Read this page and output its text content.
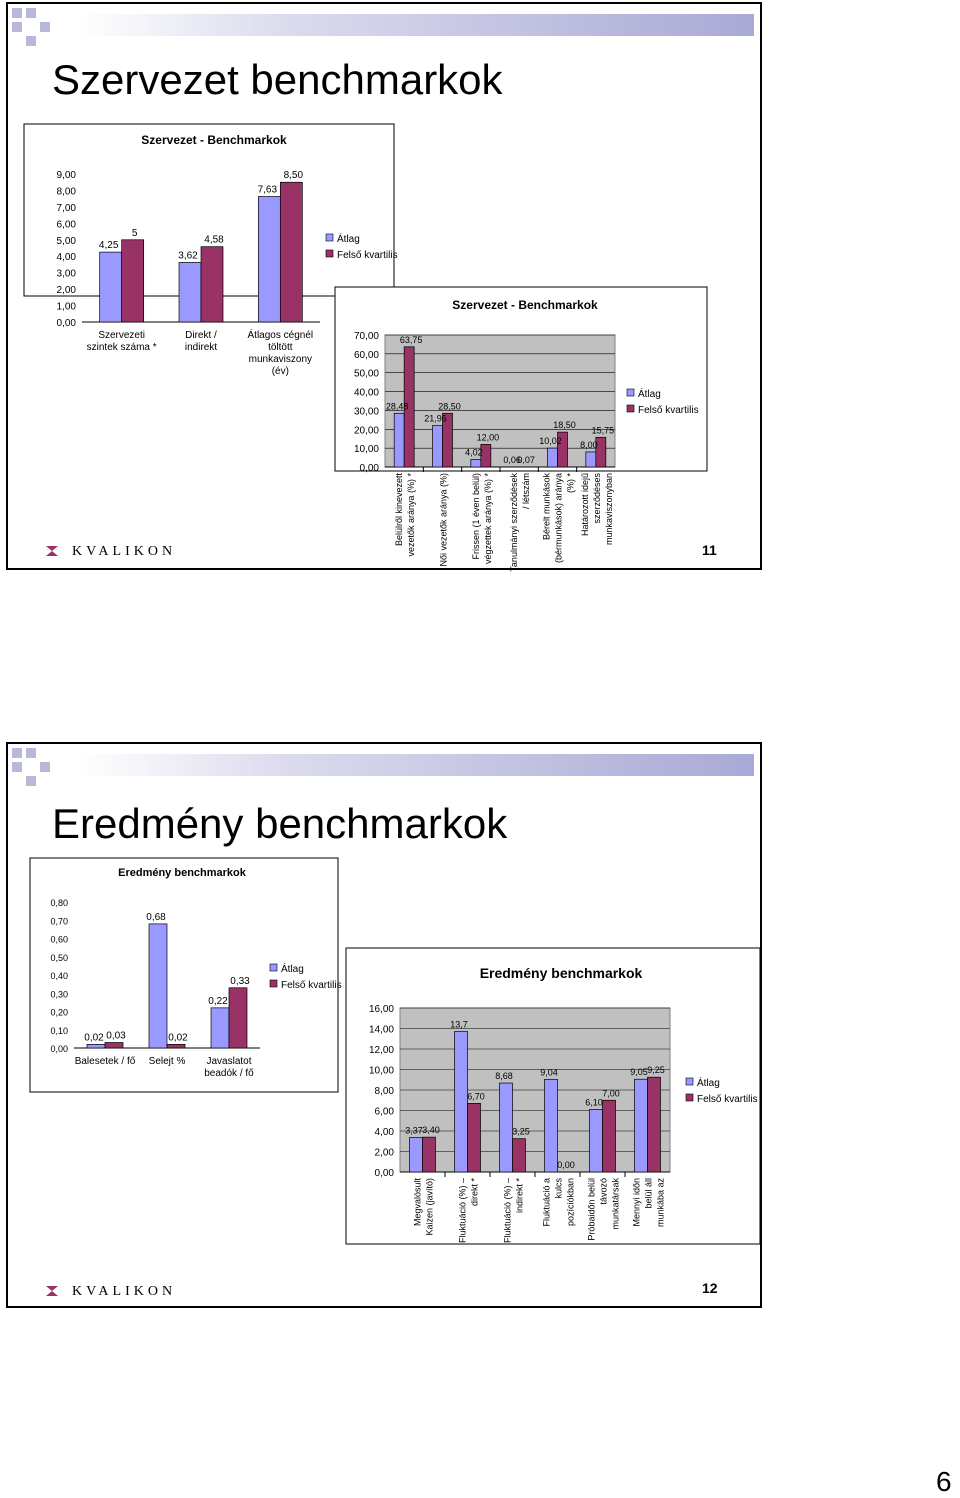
Szervezet benchmarkok
Szervezet - Benchmarkok
0,00
1,00
2,00
3,00
4,00
5,00
6,00
7,00
8,00
9,00
4,25
5
Szervezeti
szintek száma *
3,62
4,58
Direkt /
indirekt
7,63
8,50
Átlagos cégnél
töltött
munkaviszony
(év)
Átlag
Felső kvartilis
Szervezet - Benchmarkok
0,00
10,00
20,00
30,00
40,00
50,00
60,00
70,00
28,48
63,75
Belülről kinevezett vezetők aránya (%) *
21,96
28,50
Női vezetők aránya (%)
4,02
12,00
Frissen (1 éven belül) végzettek aránya (%) *
0,06
0,07
Tanulmányi szerződések / létszám
10,02
18,50
Bérelt munkások (bérmunkások) aránya (%) *
8,00
15,75
Határozott idejű szerződéses munkaviszonyban
Átlag
Felső kvartilis
KVALIKON	11
Eredmény benchmarkok
Eredmény benchmarkok
0,00
0,10
0,20
0,30
0,40
0,50
0,60
0,70
0,80
0,02 0,03
Balesetek / fő
0,68
0,02
Selejt %
0,22
0,33
Javaslatot
beadók / fő
Átlag
Felső kvartilis
Eredmény benchmarkok
0,00
2,00
4,00
6,00
8,00
10,00
12,00
14,00
16,00
3,37 3,40
Megvalósult Kaizen (javító)
13,7
6,70
Fluktuáció (%) – direkt *
8,68
3,25
Fluktuáció (%) – indirekt *
9,04
0,00
Fluktuáció a kulcs pozíciókban
6,10
7,00
Próbaidőn belül távozó munkatársak
9,05 9,25
Mennyi időn belül áll munkába az
Átlag
Felső kvartilis
KVALIKON	12
6
